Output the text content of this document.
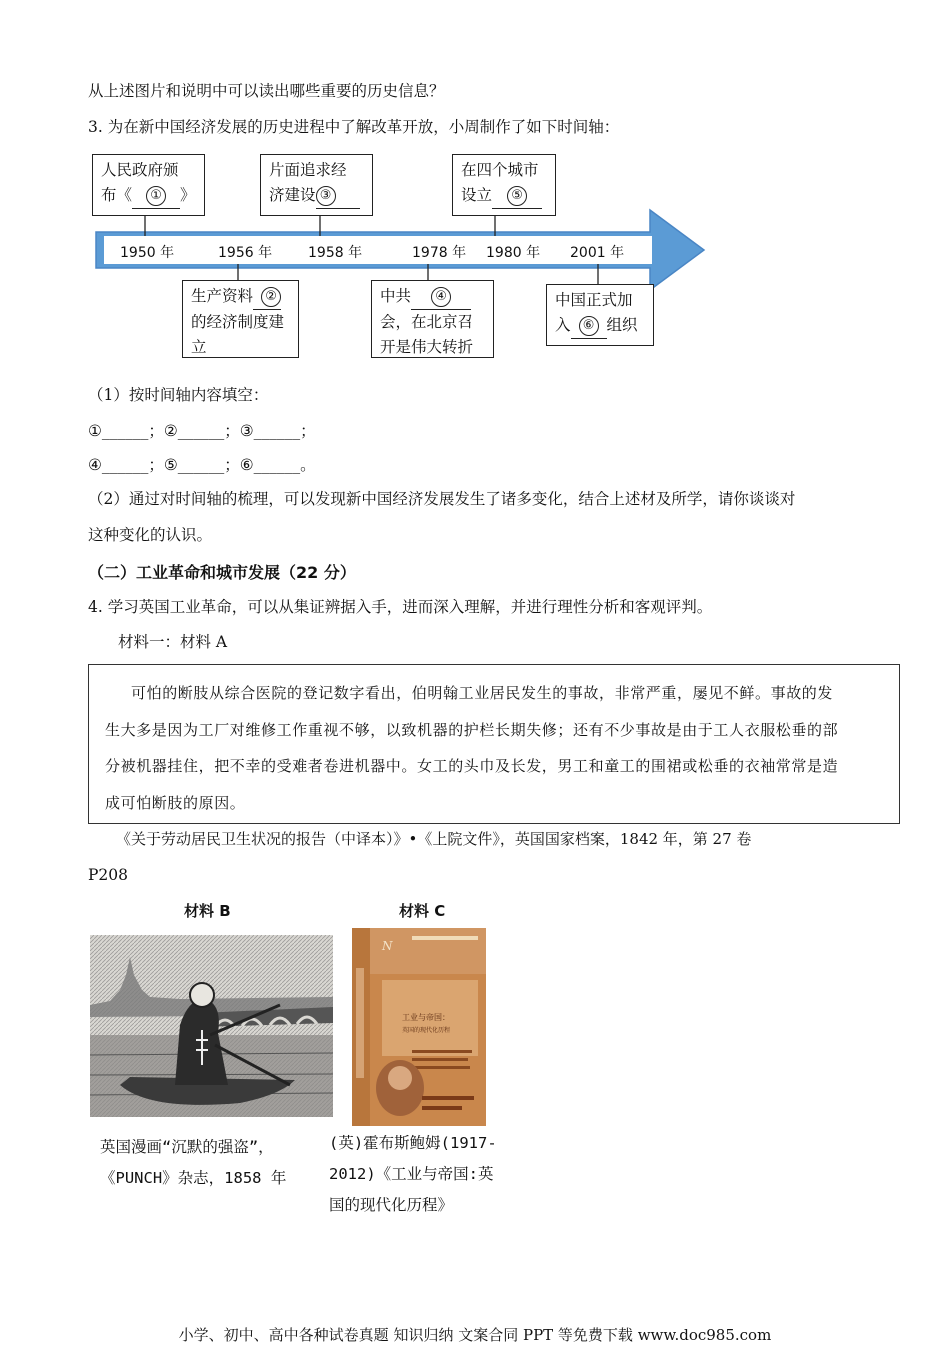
从上述图片和说明中可以读出哪些重要的历史信息？
3. 为在新中国经济发展的历史进程中了解改革开放，小周制作了如下时间轴：
1950 年	1956 年	1958 年	1978 年 1980 年 2001 年
人民政府颁
布《 ① 》
片面追求经
济建设 ③
在四个城市
设立 ⑤
生产资料 ②
的经济制度建
立
中共 ④
会，在北京召
开是伟大转折
中国正式加
入 ⑥ 组织
（1）按时间轴内容填空：
①______；②______；③______；
④______；⑤______；⑥______。
（2）通过对时间轴的梳理，可以发现新中国经济发展发生了诸多变化，结合上述材及所学，请你谈谈对
这种变化的认识。
（二）工业革命和城市发展（22 分）
4. 学习英国工业革命，可以从集证辨据入手，进而深入理解，并进行理性分析和客观评判。
材料一：材料 A
可怕的断肢从综合医院的登记数字看出，伯明翰工业居民发生的事故，非常严重，屡见不鲜。事故的发
生大多是因为工厂对维修工作重视不够，以致机器的护栏长期失修；还有不少事故是由于工人衣服松垂的部
分被机器挂住，把不幸的受难者卷进机器中。女工的头巾及长发，男工和童工的围裙或松垂的衣袖常常是造
成可怕断肢的原因。
《关于劳动居民卫生状况的报告（中译本）》•《上院文件》，英国国家档案，1842 年，第 27 卷
P208
材料 B
英国漫画“沉默的强盗”，
《PUNCH》杂志，1858 年
材料 C
N
工业与帝国：
英国的现代化历程
(英)霍布斯鲍姆(1917-
2012)《工业与帝国:英
国的现代化历程》
小学、初中、高中各种试卷真题 知识归纳 文案合同 PPT 等免费下载 www.doc985.com
